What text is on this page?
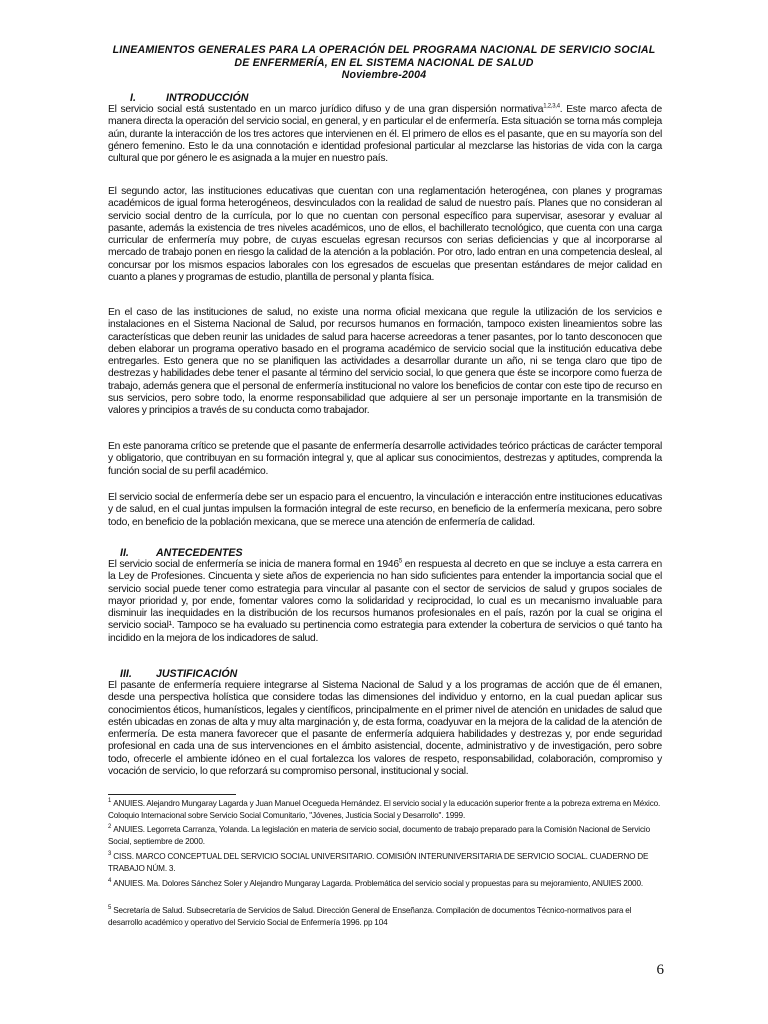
LINEAMIENTOS GENERALES PARA LA OPERACIÓN DEL PROGRAMA NACIONAL DE SERVICIO SOCIAL
DE ENFERMERÍA, EN EL SISTEMA NACIONAL DE SALUD
Noviembre-2004
I.	INTRODUCCIÓN

El servicio social está sustentado en un marco jurídico difuso y de una gran dispersión normativa$^{1,2,3,4}$. Este marco afecta de manera directa la operación del servicio social, en general, y en particular el de enfermería. Esta situación se torna más compleja aún, durante la interacción de los tres actores que intervienen en él. El primero de ellos es el pasante, que en su mayoría son del género femenino. Esto le da una connotación e identidad profesional particular al mezclarse las historias de vida con la carga cultural que por género le es asignada a la mujer en nuestro país.

El segundo actor, las instituciones educativas que cuentan con una reglamentación heterogénea, con planes y programas académicos de igual forma heterogéneos, desvinculados con la realidad de salud de nuestro país. Planes que no consideran al servicio social dentro de la currícula, por lo que no cuentan con personal específico para supervisar, asesorar y evaluar al pasante, además la existencia de tres niveles académicos, uno de ellos, el bachillerato tecnológico, que cuenta con una carga curricular de enfermería muy pobre, de cuyas escuelas egresan recursos con serias deficiencias y que al incorporarse al mercado de trabajo ponen en riesgo la calidad de la atención a la población. Por otro, lado entran en una competencia desleal, al concursar por los mismos espacios laborales con los egresados de escuelas que presentan estándares de mejor calidad en cuanto a planes y programas de estudio, plantilla de personal y planta física.

En el caso de las instituciones de salud, no existe una norma oficial mexicana que regule la utilización de los servicios e instalaciones en el Sistema Nacional de Salud, por recursos humanos en formación, tampoco existen lineamientos sobre las características que deben reunir las unidades de salud para hacerse acreedoras a tener pasantes, por lo tanto desconocen que deben elaborar un programa operativo basado en el programa académico de servicio social que la institución educativa debe entregarles. Esto genera que no se planifiquen las actividades a desarrollar durante un año, ni se tenga claro que tipo de destrezas y habilidades debe tener el pasante al término del servicio social, lo que genera que éste se incorpore como fuerza de trabajo, además genera que el personal de enfermería institucional no valore los beneficios de contar con este tipo de recurso en sus servicios, pero sobre todo, la enorme responsabilidad que adquiere al ser un personaje importante en la transmisión de valores y principios a través de su conducta como trabajador.

En este panorama crítico se pretende que el pasante de enfermería desarrolle actividades teórico prácticas de carácter temporal y obligatorio, que contribuyan en su formación integral y, que al aplicar sus conocimientos, destrezas y aptitudes, comprenda la función social de su perfil académico.

El servicio social de enfermería debe ser un espacio para el encuentro, la vinculación e interacción entre instituciones educativas y de salud, en el cual juntas impulsen la formación integral de este recurso, en beneficio de la enfermería mexicana, pero sobre todo, en beneficio de la población mexicana, que se merece una atención de enfermería de calidad.

II.	ANTECEDENTES

El servicio social de enfermería se inicia de manera formal en 1946$^5$ en respuesta al decreto en que se incluye a esta carrera en la Ley de Profesiones. Cincuenta y siete años de experiencia no han sido suficientes para entender la importancia social que el servicio social puede tener como estrategia para vincular al pasante con el sector de servicios de salud y grupos sociales de mayor prioridad y, por ende, fomentar valores como la solidaridad y reciprocidad, lo cual es un mecanismo invaluable para disminuir las inequidades en la distribución de los recursos humanos profesionales en el país, razón por la cual se origina el servicio social¹. Tampoco se ha evaluado su pertinencia como estrategia para extender la cobertura de servicios o qué tanto ha incidido en la mejora de los indicadores de salud.

III. JUSTIFICACIÓN

El pasante de enfermería requiere integrarse al Sistema Nacional de Salud y a los programas de acción que de él emanen, desde una perspectiva holística que considere todas las dimensiones del individuo y entorno, en la cual puedan aplicar sus conocimientos éticos, humanísticos, legales y científicos, principalmente en el primer nivel de atención en unidades de salud que estén ubicadas en zonas de alta y muy alta marginación y, de esta forma, coadyuvar en la mejora de la calidad de la atención de enfermería. De esta manera favorecer que el pasante de enfermería adquiera habilidades y destrezas y, por ende seguridad profesional en cada una de sus intervenciones en el ámbito asistencial, docente, administrativo y de investigación, pero sobre todo, ofrecerle el ambiente idóneo en el cual fortalezca los valores de respeto, responsabilidad, colaboración, compromiso y vocación de servicio, lo que reforzará su compromiso personal, institucional y social.

$^1$ ANUIES. Alejandro Mungaray Lagarda y Juan Manuel Ocegueda Hernández. El servicio social y la educación superior frente a la pobreza extrema en México. Coloquio Internacional sobre Servicio Social Comunitario, "Jóvenes, Justicia Social y Desarrollo". 1999.

$^2$ ANUIES. Legorreta Carranza, Yolanda. La legislación en materia de servicio social, documento de trabajo preparado para la Comisión Nacional de Servicio Social, septiembre de 2000.

$^3$ CISS. MARCO CONCEPTUAL DEL SERVICIO SOCIAL UNIVERSITARIO. COMISIÓN INTERUNIVERSITARIA DE SERVICIO SOCIAL. CUADERNO DE TRABAJO NÚM. 3.

$^4$ ANUIES. Ma. Dolores Sánchez Soler y Alejandro Mungaray Lagarda. Problemática del servicio social y propuestas para su mejoramiento, ANUIES 2000.

$^5$ Secretaría de Salud. Subsecretaría de Servicios de Salud. Dirección General de Enseñanza. Compilación de documentos Técnico-normativos para el desarrollo académico y operativo del Servicio Social de Enfermería 1996. pp 104

6
